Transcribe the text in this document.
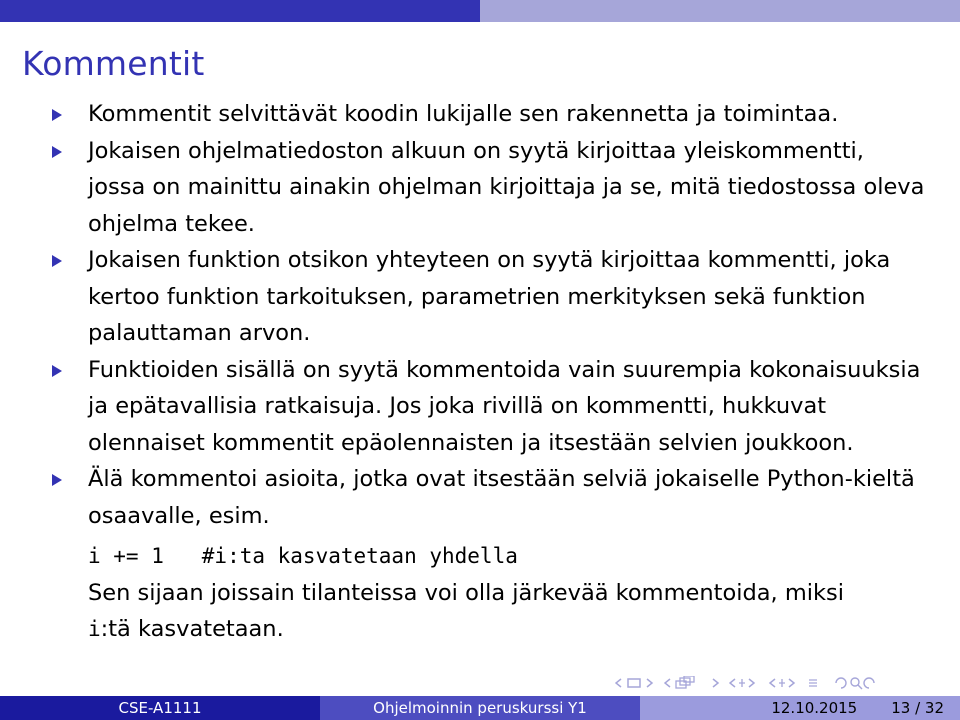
Kommentit
Kommentit selvittävät koodin lukijalle sen rakennetta ja toimintaa.
Jokaisen ohjelmatiedoston alkuun on syytä kirjoittaa yleiskommentti, jossa on mainittu ainakin ohjelman kirjoittaja ja se, mitä tiedostossa oleva ohjelma tekee.
Jokaisen funktion otsikon yhteyteen on syytä kirjoittaa kommentti, joka kertoo funktion tarkoituksen, parametrien merkityksen sekä funktion palauttaman arvon.
Funktioiden sisällä on syytä kommentoida vain suurempia kokonaisuuksia ja epätavallisia ratkaisuja. Jos joka rivillä on kommentti, hukkuvat olennaiset kommentit epäolennaisten ja itsestään selvien joukkoon.
Älä kommentoi asioita, jotka ovat itsestään selviä jokaiselle Python-kieltä osaavalle, esim.
i += 1   #i:ta kasvatetaan yhdella
Sen sijaan joissain tilanteissa voi olla järkevää kommentoida, miksi
i:tä kasvatetaan.
CSE-A1111	Ohjelmoinnin peruskurssi Y1	12.10.2015 13 / 32
